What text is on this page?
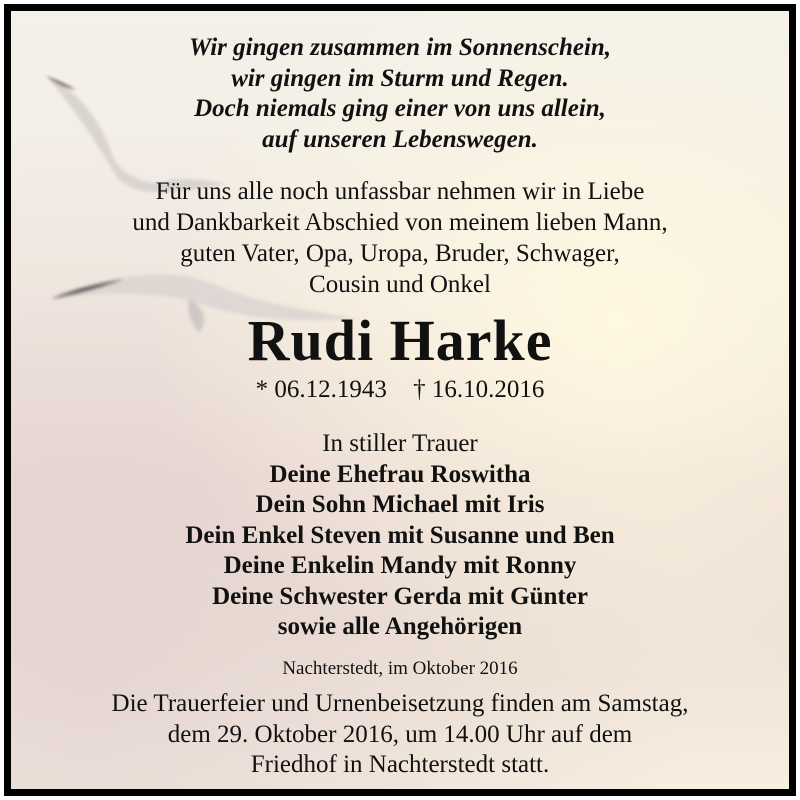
Wir gingen zusammen im Sonnenschein,
wir gingen im Sturm und Regen.
Doch niemals ging einer von uns allein,
auf unseren Lebenswegen.
Für uns alle noch unfassbar nehmen wir in Liebe
und Dankbarkeit Abschied von meinem lieben Mann,
guten Vater, Opa, Uropa, Bruder, Schwager,
Cousin und Onkel
Rudi Harke
* 06.12.1943 † 16.10.2016
In stiller Trauer
Deine Ehefrau Roswitha
Dein Sohn Michael mit Iris
Dein Enkel Steven mit Susanne und Ben
Deine Enkelin Mandy mit Ronny
Deine Schwester Gerda mit Günter
sowie alle Angehörigen
Nachterstedt, im Oktober 2016
Die Trauerfeier und Urnenbeisetzung finden am Samstag,
dem 29. Oktober 2016, um 14.00 Uhr auf dem
Friedhof in Nachterstedt statt.
